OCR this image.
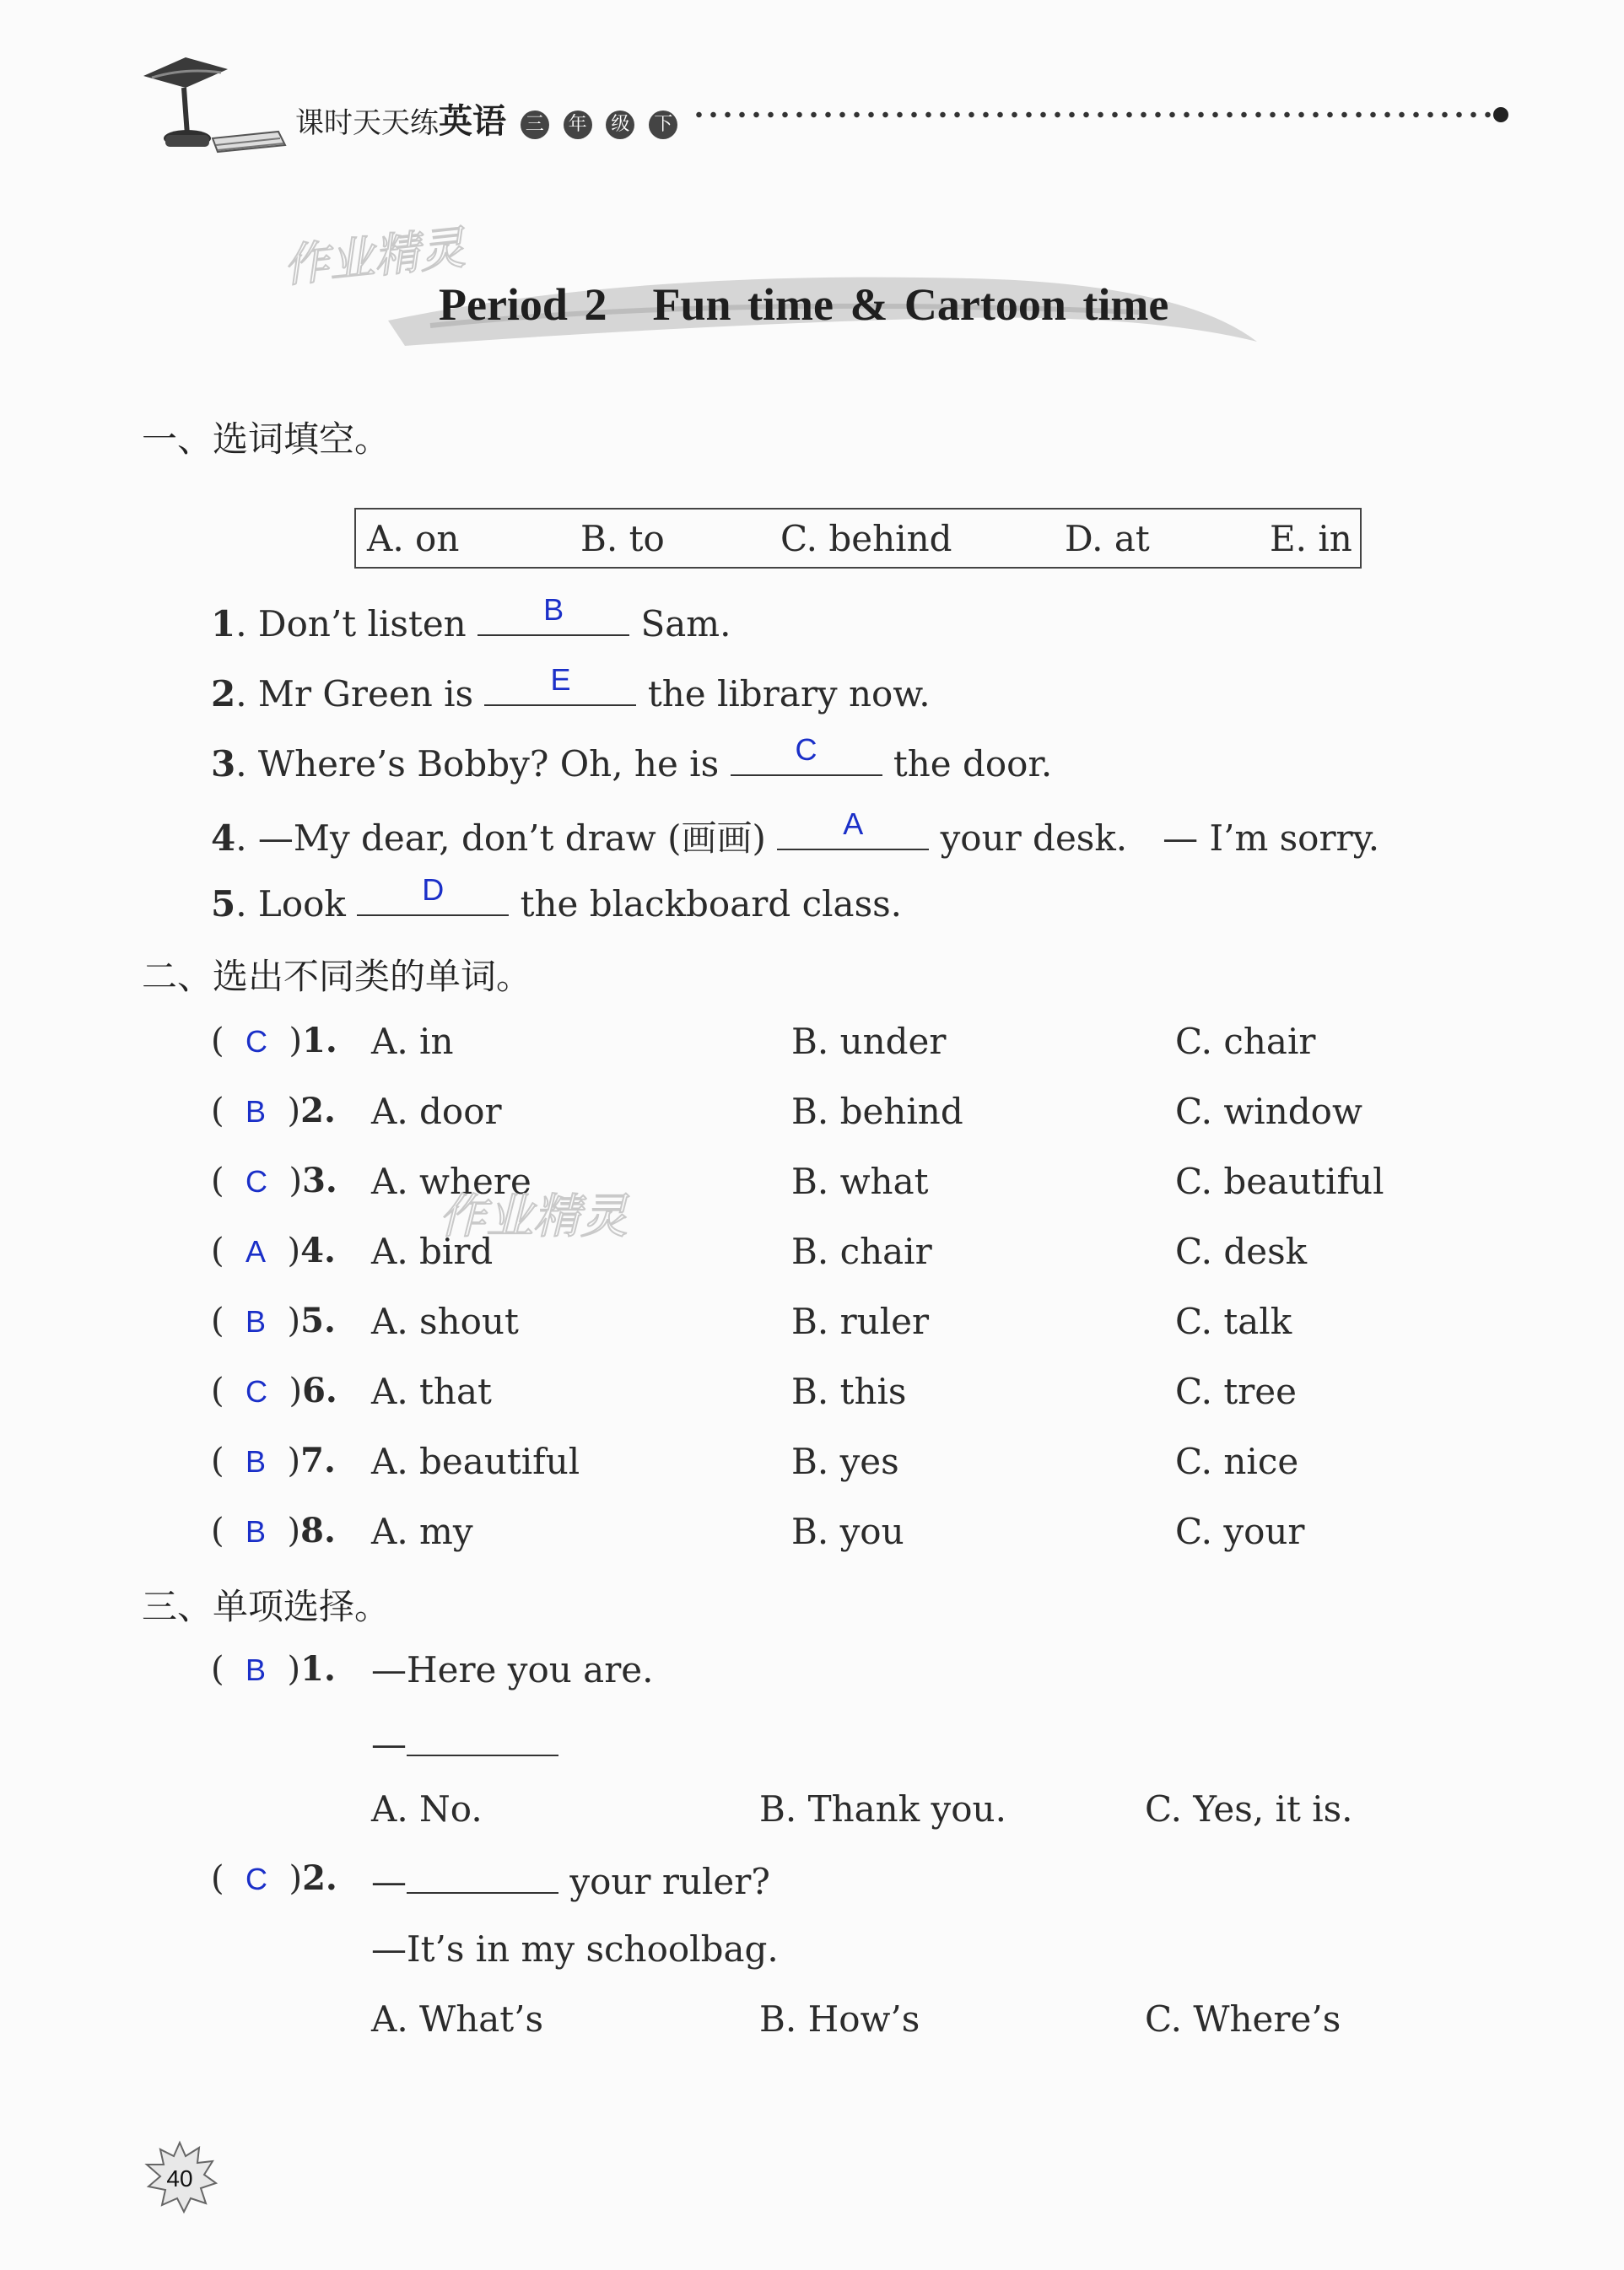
课时天天练英语 三 年 级 下
作业精灵
Period 2　Fun time & Cartoon time
一、选词填空。
A. on	B. to	C. behind	D. at	E. in
1. Don’t listen	B	Sam.
2. Mr Green is	E	the library now.
3. Where’s Bobby? Oh, he is	C	the door.
4. —My dear, don’t draw (画画)	A	your desk.　— I’m sorry.
5. Look	D	the blackboard class.
二、选出不同类的单词。
(  C  )1. A. in	B. under	C. chair
(  B  )2. A. door	B. behind	C. window
(  C  )3. A. where	B. what	C. beautiful
作业精灵
(  A  )4. A. bird	B. chair	C. desk
(  B  )5. A. shout	B. ruler	C. talk
(  C  )6. A. that	B. this	C. tree
(  B  )7. A. beautiful	B. yes	C. nice
(  B  )8. A. my	B. you	C. your
三、单项选择。
(  B  )1. —Here you are.
—
A. No.	B. Thank you.	C. Yes, it is.
(  C  )2. —	your ruler?
—It’s in my schoolbag.
A. What’s	B. How’s	C. Where’s
40
